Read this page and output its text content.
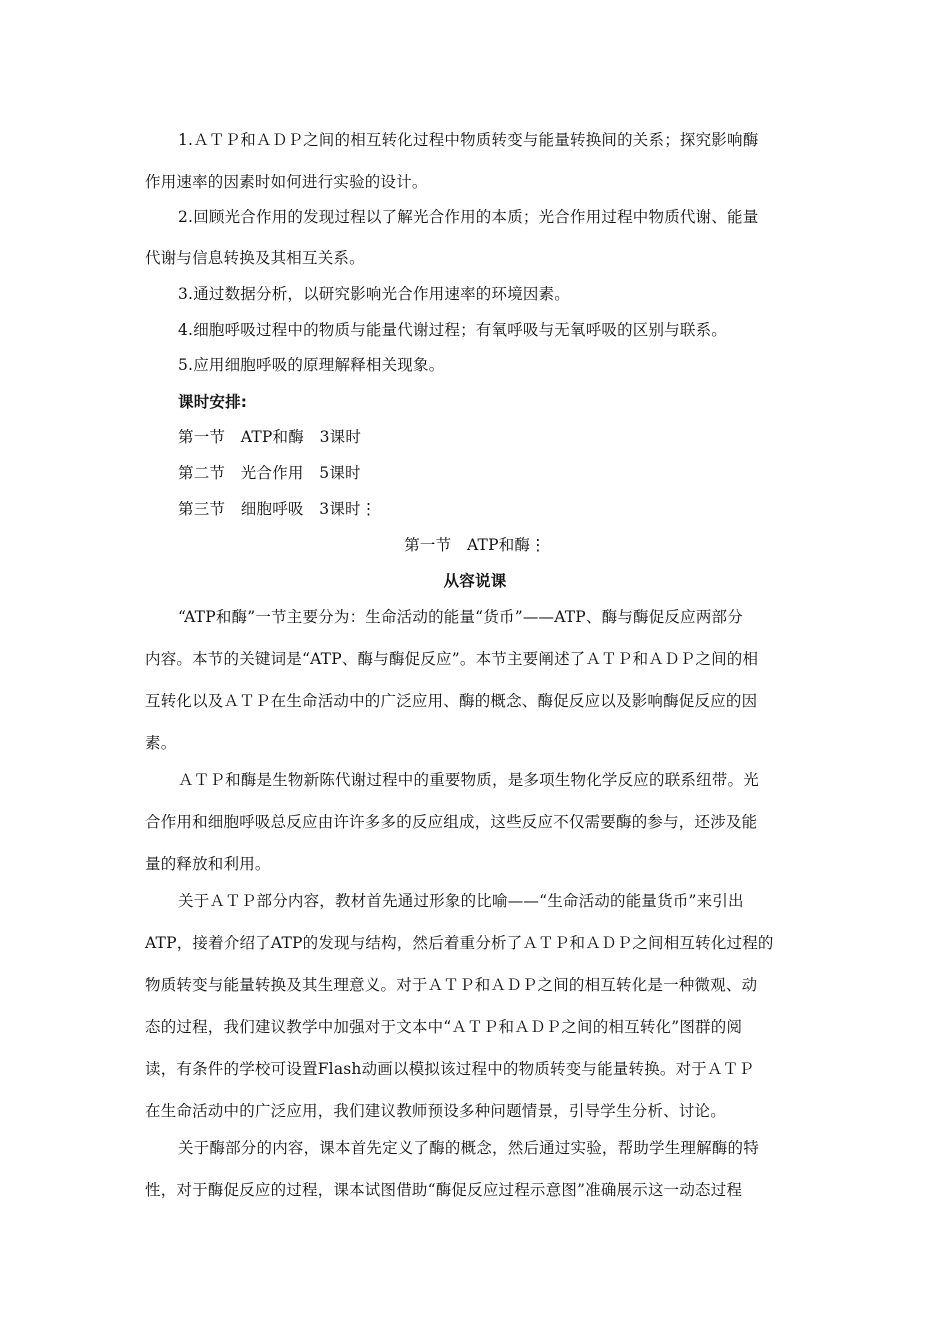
1.ＡＴＰ和ＡＤＰ之间的相互转化过程中物质转变与能量转换间的关系；探究影响酶
作用速率的因素时如何进行实验的设计。
2.回顾光合作用的发现过程以了解光合作用的本质；光合作用过程中物质代谢、能量
代谢与信息转换及其相互关系。
3.通过数据分析，以研究影响光合作用速率的环境因素。
4.细胞呼吸过程中的物质与能量代谢过程；有氧呼吸与无氧呼吸的区别与联系。
5.应用细胞呼吸的原理解释相关现象。
课时安排:
第一节　ATP和酶　3课时
第二节　光合作用　5课时
第三节　细胞呼吸　3课时⋮
第一节　ATP和酶⋮
从容说课
“ATP和酶”一节主要分为：生命活动的能量“货币”——ATP、酶与酶促反应两部分
内容。本节的关键词是“ATP、酶与酶促反应”。本节主要阐述了ＡＴＰ和ＡＤＰ之间的相
互转化以及ＡＴＰ在生命活动中的广泛应用、酶的概念、酶促反应以及影响酶促反应的因
素。
ＡＴＰ和酶是生物新陈代谢过程中的重要物质，是多项生物化学反应的联系纽带。光
合作用和细胞呼吸总反应由许许多多的反应组成，这些反应不仅需要酶的参与，还涉及能
量的释放和利用。
关于ＡＴＰ部分内容，教材首先通过形象的比喻——“生命活动的能量货币”来引出
ATP，接着介绍了ATP的发现与结构，然后着重分析了ＡＴＰ和ＡＤＰ之间相互转化过程的
物质转变与能量转换及其生理意义。对于ＡＴＰ和ＡＤＰ之间的相互转化是一种微观、动
态的过程，我们建议教学中加强对于文本中“ＡＴＰ和ＡＤＰ之间的相互转化”图群的阅
读，有条件的学校可设置Flash动画以模拟该过程中的物质转变与能量转换。对于ＡＴＰ
在生命活动中的广泛应用，我们建议教师预设多种问题情景，引导学生分析、讨论。
关于酶部分的内容，课本首先定义了酶的概念，然后通过实验，帮助学生理解酶的特
性，对于酶促反应的过程，课本试图借助“酶促反应过程示意图”准确展示这一动态过程
